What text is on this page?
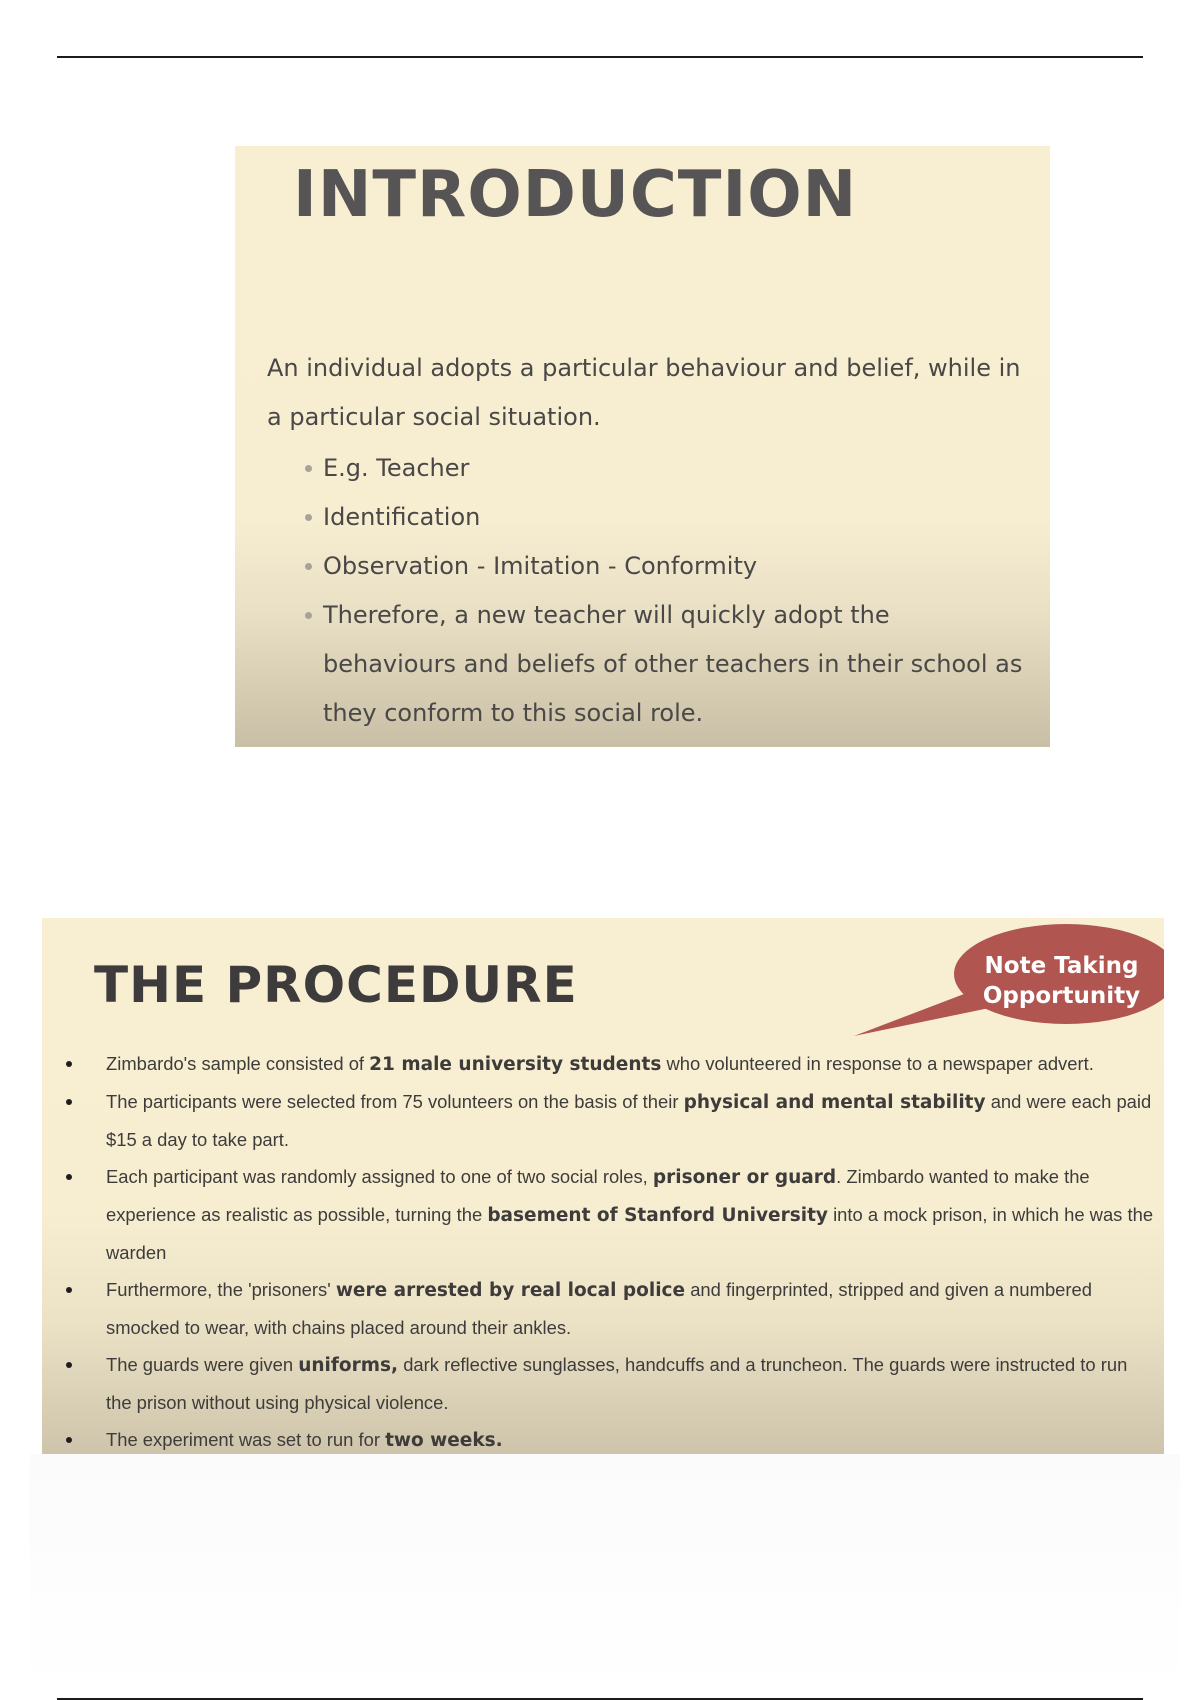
INTRODUCTION

An individual adopts a particular behaviour and belief, while in a particular social situation.

E.g. Teacher
Identification
Observation - Imitation - Conformity
Therefore, a new teacher will quickly adopt the behaviours and beliefs of other teachers in their school as they conform to this social role.
THE PROCEDURE	Note Taking Opportunity
Zimbardo's sample consisted of 21 male university students who volunteered in response to a newspaper advert.
The participants were selected from 75 volunteers on the basis of their physical and mental stability and were each paid $15 a day to take part.
Each participant was randomly assigned to one of two social roles, prisoner or guard. Zimbardo wanted to make the experience as realistic as possible, turning the basement of Stanford University into a mock prison, in which he was the warden
Furthermore, the 'prisoners' were arrested by real local police and fingerprinted, stripped and given a numbered smocked to wear, with chains placed around their ankles.
The guards were given uniforms, dark reflective sunglasses, handcuffs and a truncheon. The guards were instructed to run the prison without using physical violence.
The experiment was set to run for two weeks.
